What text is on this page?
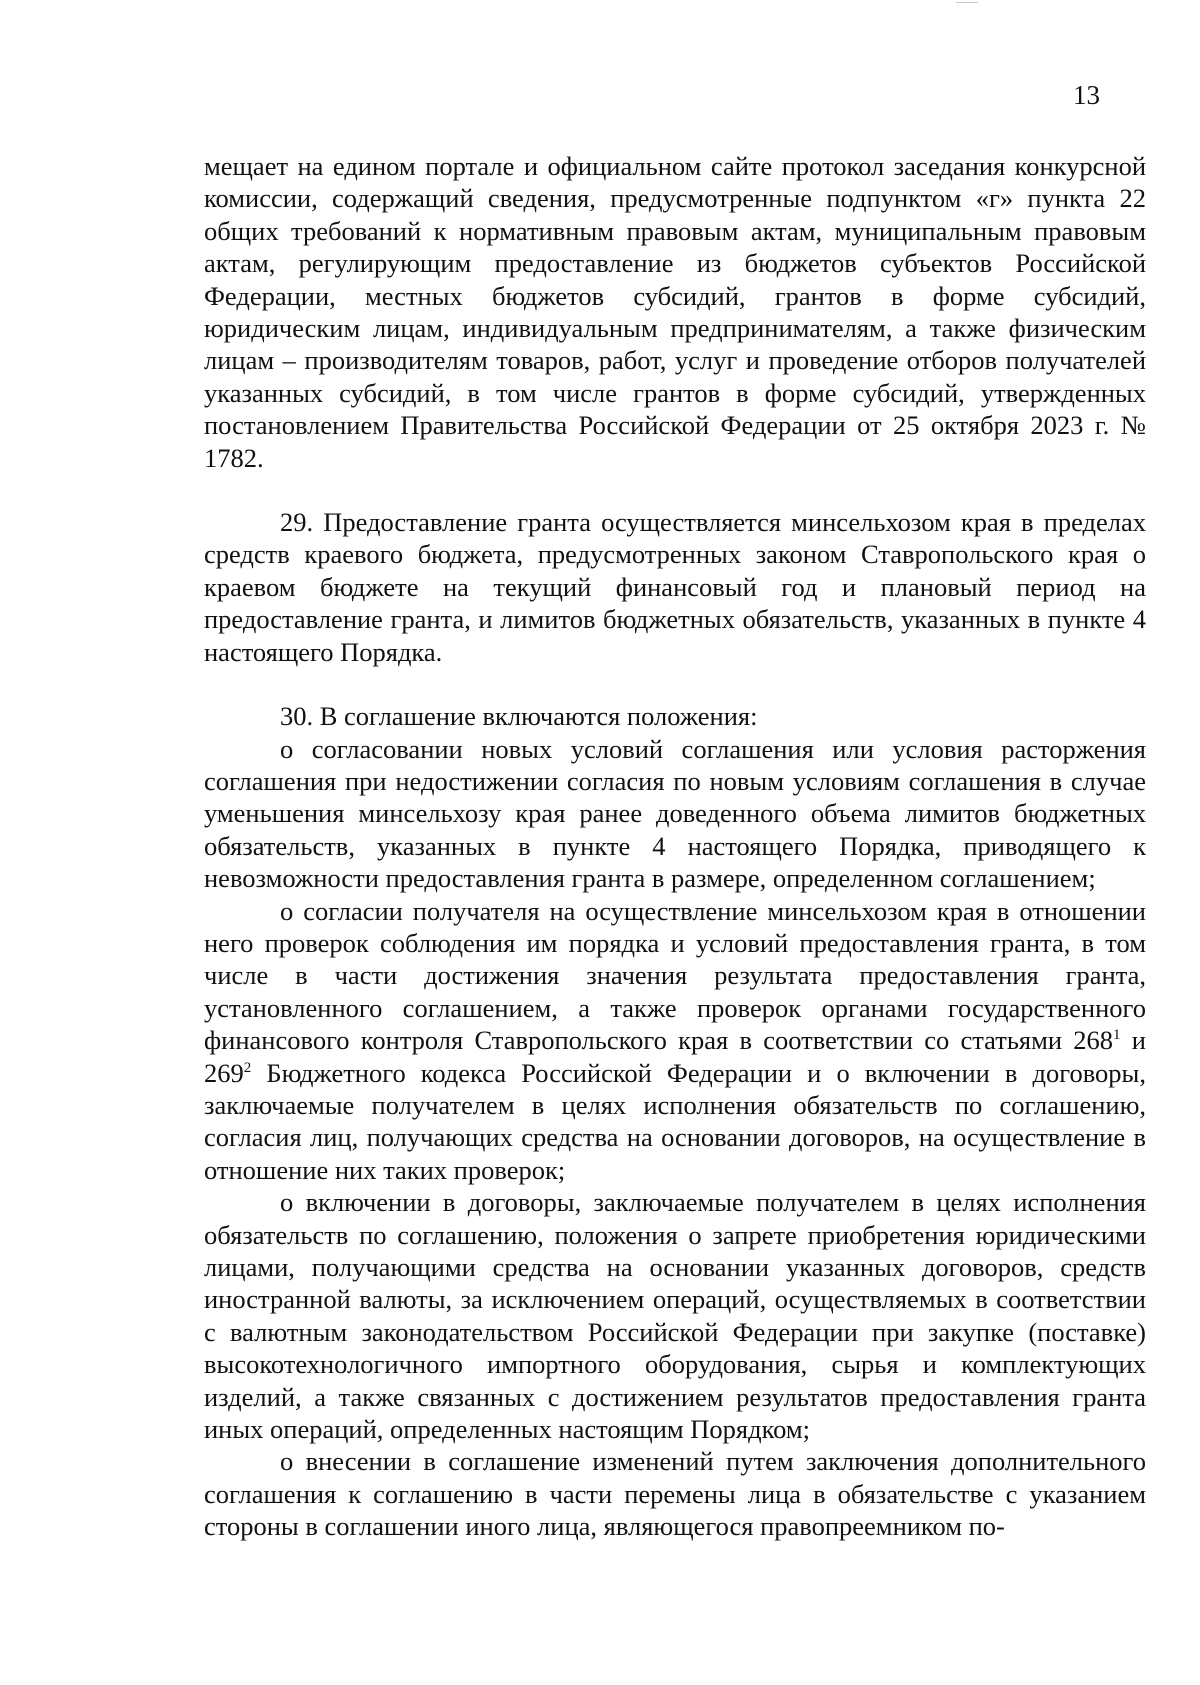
13

мещает на едином портале и официальном сайте протокол заседания конкурсной комиссии, содержащий сведения, предусмотренные подпунктом «г» пункта 22 общих требований к нормативным правовым актам, муниципальным правовым актам, регулирующим предоставление из бюджетов субъектов Российской Федерации, местных бюджетов субсидий, грантов в форме субсидий, юридическим лицам, индивидуальным предпринимателям, а также физическим лицам – производителям товаров, работ, услуг и проведение отборов получателей указанных субсидий, в том числе грантов в форме субсидий, утвержденных постановлением Правительства Российской Федерации от 25 октября 2023 г. № 1782.

29. Предоставление гранта осуществляется минсельхозом края в пределах средств краевого бюджета, предусмотренных законом Ставропольского края о краевом бюджете на текущий финансовый год и плановый период на предоставление гранта, и лимитов бюджетных обязательств, указанных в пункте 4 настоящего Порядка.

30. В соглашение включаются положения:

о согласовании новых условий соглашения или условия расторжения соглашения при недостижении согласия по новым условиям соглашения в случае уменьшения минсельхозу края ранее доведенного объема лимитов бюджетных обязательств, указанных в пункте 4 настоящего Порядка, приводящего к невозможности предоставления гранта в размере, определенном соглашением;

о согласии получателя на осуществление минсельхозом края в отношении него проверок соблюдения им порядка и условий предоставления гранта, в том числе в части достижения значения результата предоставления гранта, установленного соглашением, а также проверок органами государственного финансового контроля Ставропольского края в соответствии со статьями $268^1$ и $269^2$ Бюджетного кодекса Российской Федерации и о включении в договоры, заключаемые получателем в целях исполнения обязательств по соглашению, согласия лиц, получающих средства на основании договоров, на осуществление в отношение них таких проверок;

о включении в договоры, заключаемые получателем в целях исполнения обязательств по соглашению, положения о запрете приобретения юридическими лицами, получающими средства на основании указанных договоров, средств иностранной валюты, за исключением операций, осуществляемых в соответствии с валютным законодательством Российской Федерации при закупке (поставке) высокотехнологичного импортного оборудования, сырья и комплектующих изделий, а также связанных с достижением результатов предоставления гранта иных операций, определенных настоящим Порядком;

о внесении в соглашение изменений путем заключения дополнительного соглашения к соглашению в части перемены лица в обязательстве с указанием стороны в соглашении иного лица, являющегося правопреемником по-
